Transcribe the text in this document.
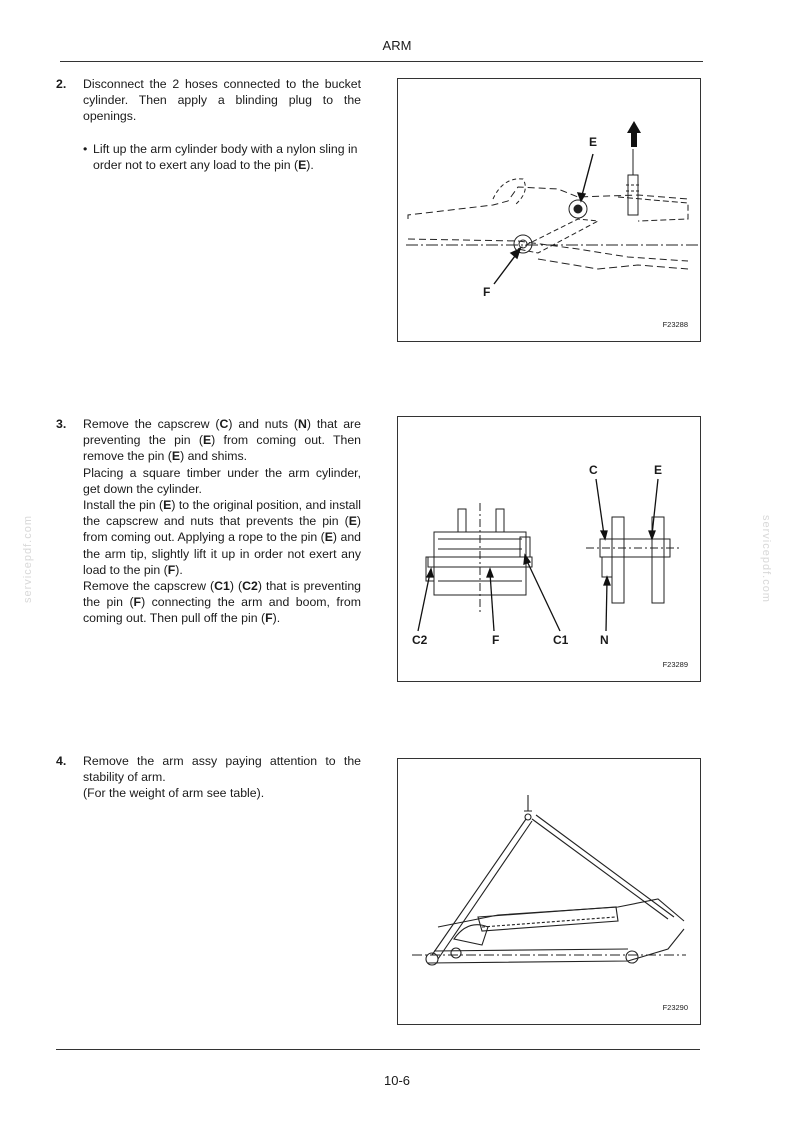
ARM
servicepdf.com	servicepdf.com
2. Disconnect the 2 hoses connected to the bucket cylinder. Then apply a blinding plug to the openings.
• Lift up the arm cylinder body with a nylon sling in order not to exert any load to the pin (E).
E
F
F23288
3. Remove the capscrew (C) and nuts (N) that are preventing the pin (E) from coming out. Then remove the pin (E) and shims.
Placing a square timber under the arm cylinder, get down the cylinder.
Install the pin (E) to the original position, and install the capscrew and nuts that prevents the pin (E) from coming out. Applying a rope to the pin (E) and the arm tip, slightly lift it up in order not exert any load to the pin (F).
Remove the capscrew (C1) (C2) that is preventing the pin (F) connecting the arm and boom, from coming out. Then pull off the pin (F).
C	E
C2	F	C1	N
F23289
4. Remove the arm assy paying attention to the stability of arm.
(For the weight of arm see table).
F23290
10-6
